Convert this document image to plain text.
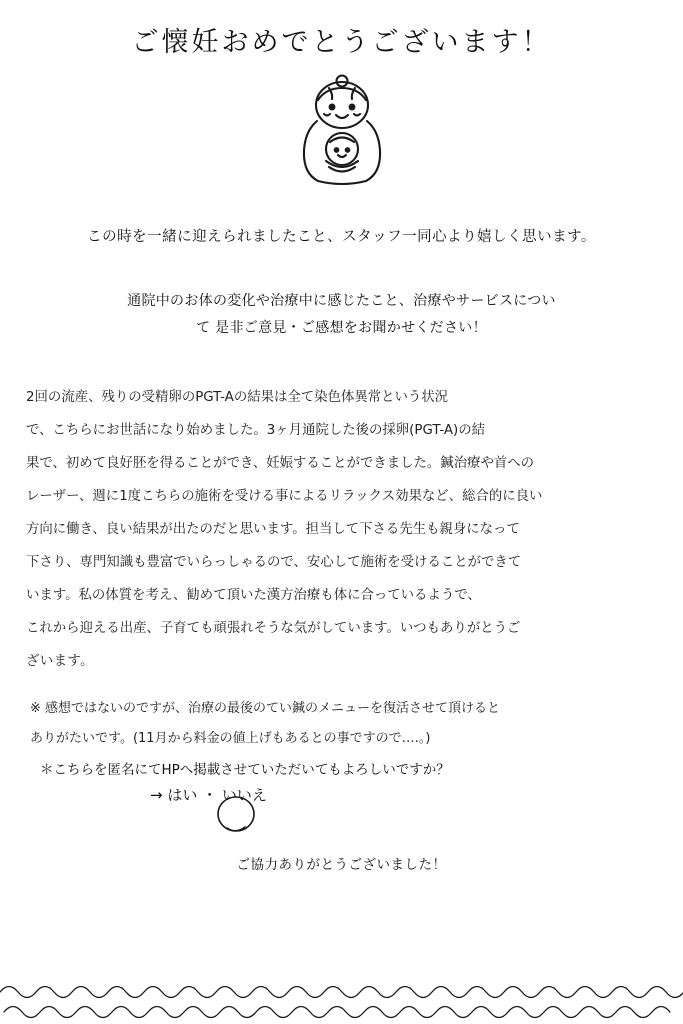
ご懐妊おめでとうございます！
この時を一緒に迎えられましたこと、スタッフ一同心より嬉しく思います。
通院中のお体の変化や治療中に感じたこと、治療やサービスについ
て 是非ご意見・ご感想をお聞かせください！
2回の流産、残りの受精卵のPGT-Aの結果は全て染色体異常という状況
で、こちらにお世話になり始めました。3ヶ月通院した後の採卵(PGT-A)の結
果で、初めて良好胚を得ることができ、妊娠することができました。鍼治療や首への
レーザー、週に1度こちらの施術を受ける事によるリラックス効果など、総合的に良い
方向に働き、良い結果が出たのだと思います。担当して下さる先生も親身になって
下さり、専門知識も豊富でいらっしゃるので、安心して施術を受けることができて
います。私の体質を考え、勧めて頂いた漢方治療も体に合っているようで、
これから迎える出産、子育ても頑張れそうな気がしています。いつもありがとうご
ざいます。
※ 感想ではないのですが、治療の最後のてい鍼のメニューを復活させて頂けると
ありがたいです。(11月から料金の値上げもあるとの事ですので‥‥。)
＊こちらを匿名にてHPへ掲載させていただいてもよろしいですか？
→ はい ・ いいえ
ご協力ありがとうございました！
